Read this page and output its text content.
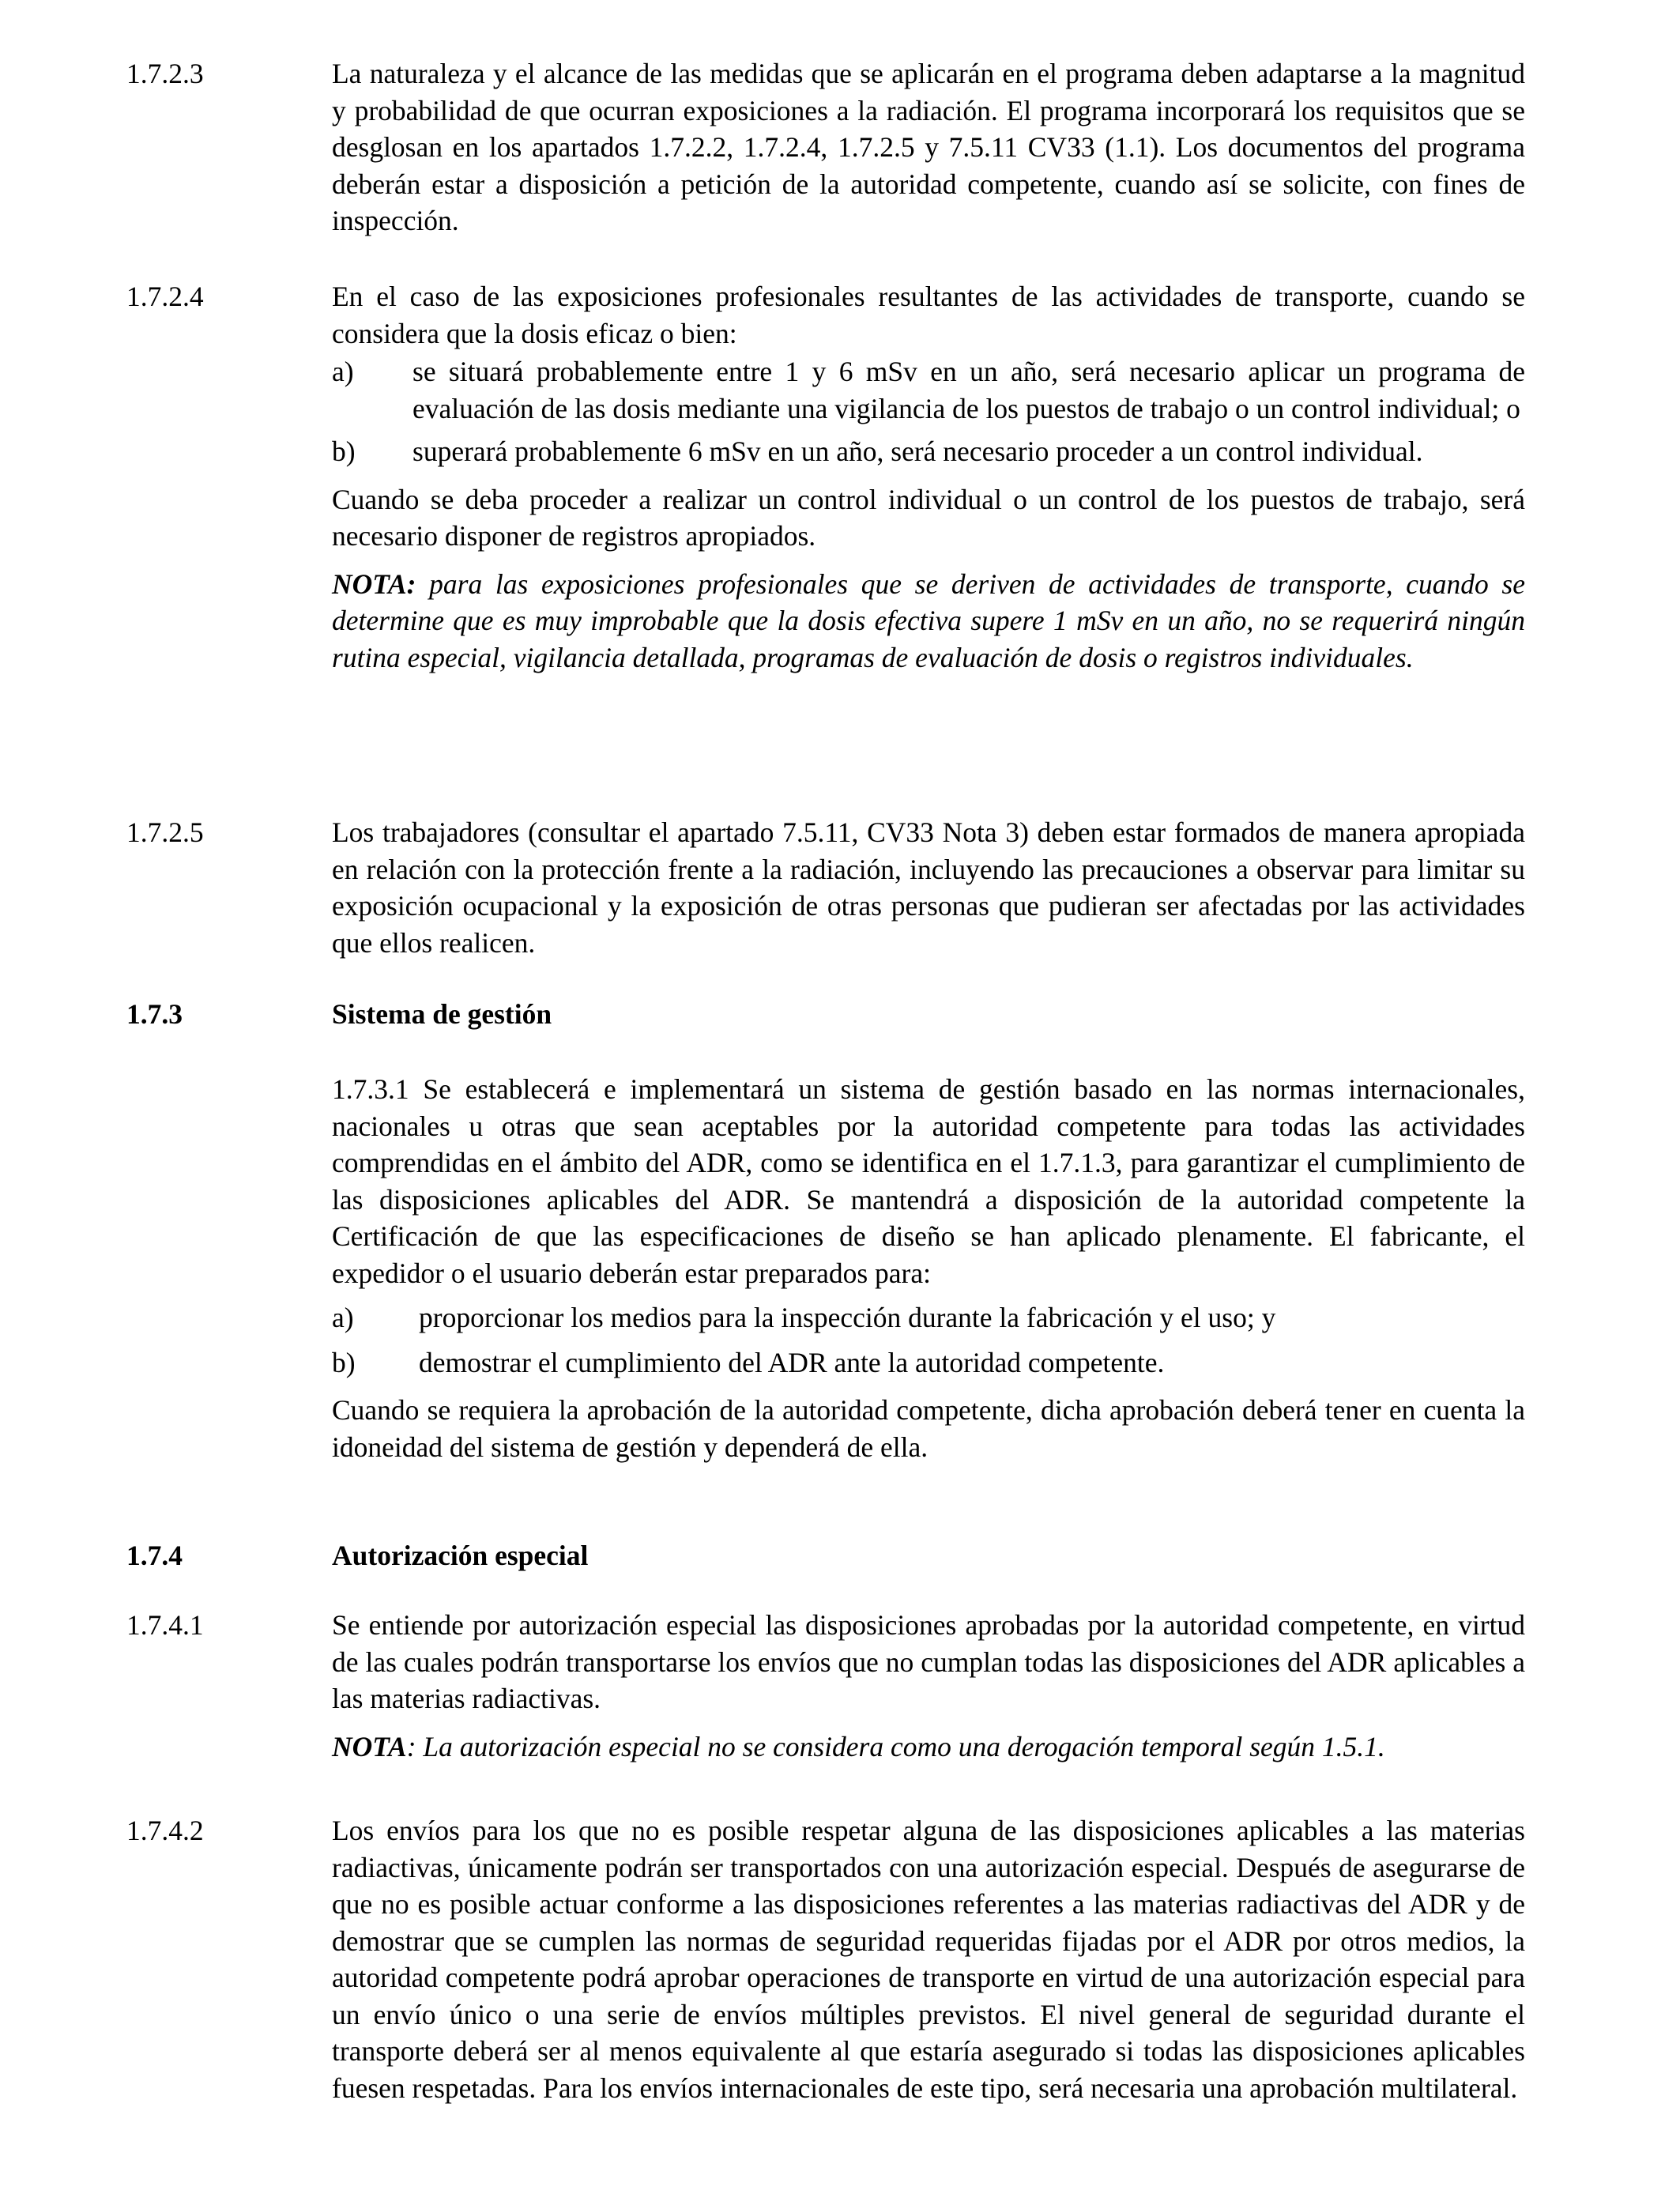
1.7.2.3	La naturaleza y el alcance de las medidas que se aplicarán en el programa deben adaptarse a la magnitud y probabilidad de que ocurran exposiciones a la radiación. El programa incorporará los requisitos que se desglosan en los apartados 1.7.2.2, 1.7.2.4, 1.7.2.5 y 7.5.11 CV33 (1.1). Los documentos del programa deberán estar a disposición a petición de la autoridad competente, cuando así se solicite, con fines de inspección.

1.7.2.4	En el caso de las exposiciones profesionales resultantes de las actividades de transporte, cuando se considera que la dosis eficaz o bien:

a) se situará probablemente entre 1 y 6 mSv en un año, será necesario aplicar un programa de evaluación de las dosis mediante una vigilancia de los puestos de trabajo o un control individual; o
b) superará probablemente 6 mSv en un año, será necesario proceder a un control individual.

Cuando se deba proceder a realizar un control individual o un control de los puestos de trabajo, será necesario disponer de registros apropiados.

NOTA: para las exposiciones profesionales que se deriven de actividades de transporte, cuando se determine que es muy improbable que la dosis efectiva supere 1 mSv en un año, no se requerirá ningún rutina especial, vigilancia detallada, programas de evaluación de dosis o registros individuales.

1.7.2.5	Los trabajadores (consultar el apartado 7.5.11, CV33 Nota 3) deben estar formados de manera apropiada en relación con la protección frente a la radiación, incluyendo las precauciones a observar para limitar su exposición ocupacional y la exposición de otras personas que pudieran ser afectadas por las actividades que ellos realicen.

1.7.3	Sistema de gestión

1.7.3.1 Se establecerá e implementará un sistema de gestión basado en las normas internacionales, nacionales u otras que sean aceptables por la autoridad competente para todas las actividades comprendidas en el ámbito del ADR, como se identifica en el 1.7.1.3, para garantizar el cumplimiento de las disposiciones aplicables del ADR. Se mantendrá a disposición de la autoridad competente la Certificación de que las especificaciones de diseño se han aplicado plenamente. El fabricante, el expedidor o el usuario deberán estar preparados para:

a) proporcionar los medios para la inspección durante la fabricación y el uso; y
b) demostrar el cumplimiento del ADR ante la autoridad competente.

Cuando se requiera la aprobación de la autoridad competente, dicha aprobación deberá tener en cuenta la idoneidad del sistema de gestión y dependerá de ella.

1.7.4	Autorización especial

1.7.4.1	Se entiende por autorización especial las disposiciones aprobadas por la autoridad competente, en virtud de las cuales podrán transportarse los envíos que no cumplan todas las disposiciones del ADR aplicables a las materias radiactivas.

NOTA: La autorización especial no se considera como una derogación temporal según 1.5.1.

1.7.4.2	Los envíos para los que no es posible respetar alguna de las disposiciones aplicables a las materias radiactivas, únicamente podrán ser transportados con una autorización especial. Después de asegurarse de que no es posible actuar conforme a las disposiciones referentes a las materias radiactivas del ADR y de demostrar que se cumplen las normas de seguridad requeridas fijadas por el ADR por otros medios, la autoridad competente podrá aprobar operaciones de transporte en virtud de una autorización especial para un envío único o una serie de envíos múltiples previstos. El nivel general de seguridad durante el transporte deberá ser al menos equivalente al que estaría asegurado si todas las disposiciones aplicables fuesen respetadas. Para los envíos internacionales de este tipo, será necesaria una aprobación multilateral.
